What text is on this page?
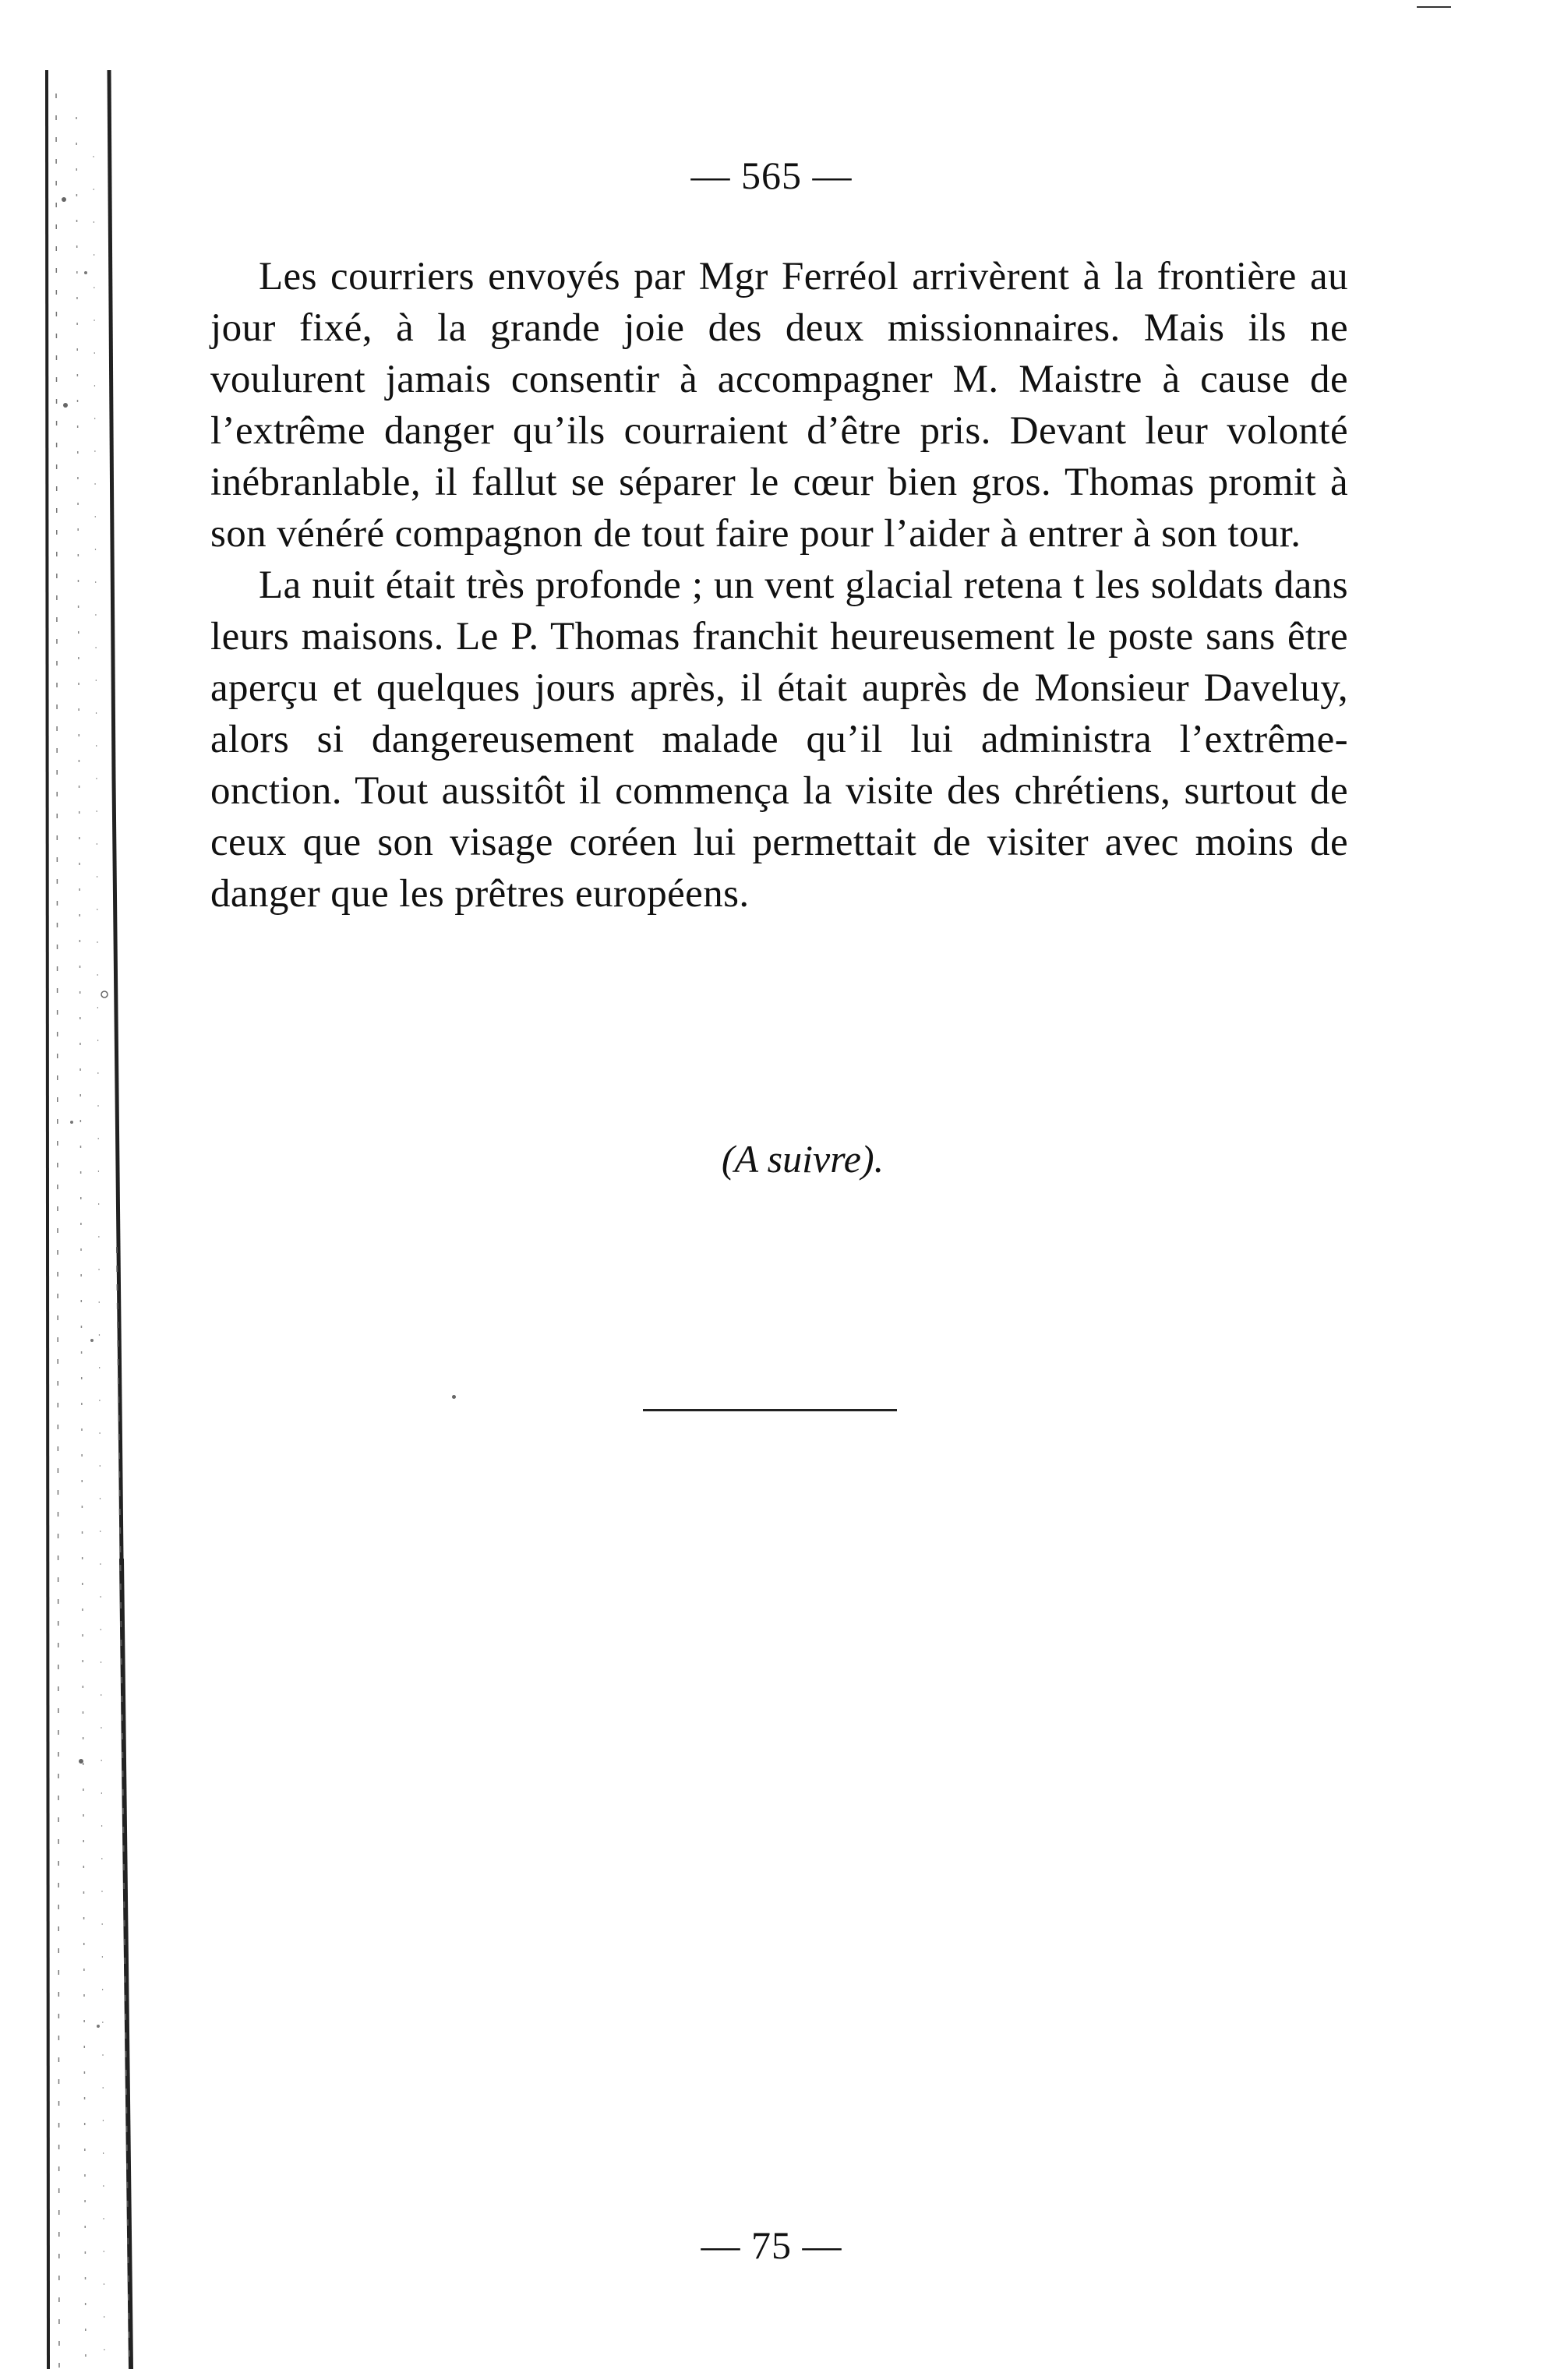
— 565 —

Les courriers envoyés par Mgr Ferréol arrivèrent à la frontière au jour fixé, à la grande joie des deux missionnaires. Mais ils ne voulurent jamais consentir à accompagner M. Maistre à cause de l’extrême danger qu’ils courraient d’être pris. Devant leur volonté inébranlable, il fallut se séparer le cœur bien gros. Thomas promit à son vénéré compagnon de tout faire pour l’aider à entrer à son tour.

La nuit était très profonde ; un vent glacial retena t les soldats dans leurs maisons. Le P. Thomas franchit heureusement le poste sans être aperçu et quelques jours après, il était auprès de Monsieur Daveluy, alors si dangereusement malade qu’il lui administra l’extrême-onction. Tout aussitôt il commença la visite des chrétiens, surtout de ceux que son visage coréen lui permettait de visiter avec moins de danger que les prêtres européens.

(A suivre).
— 75 —
